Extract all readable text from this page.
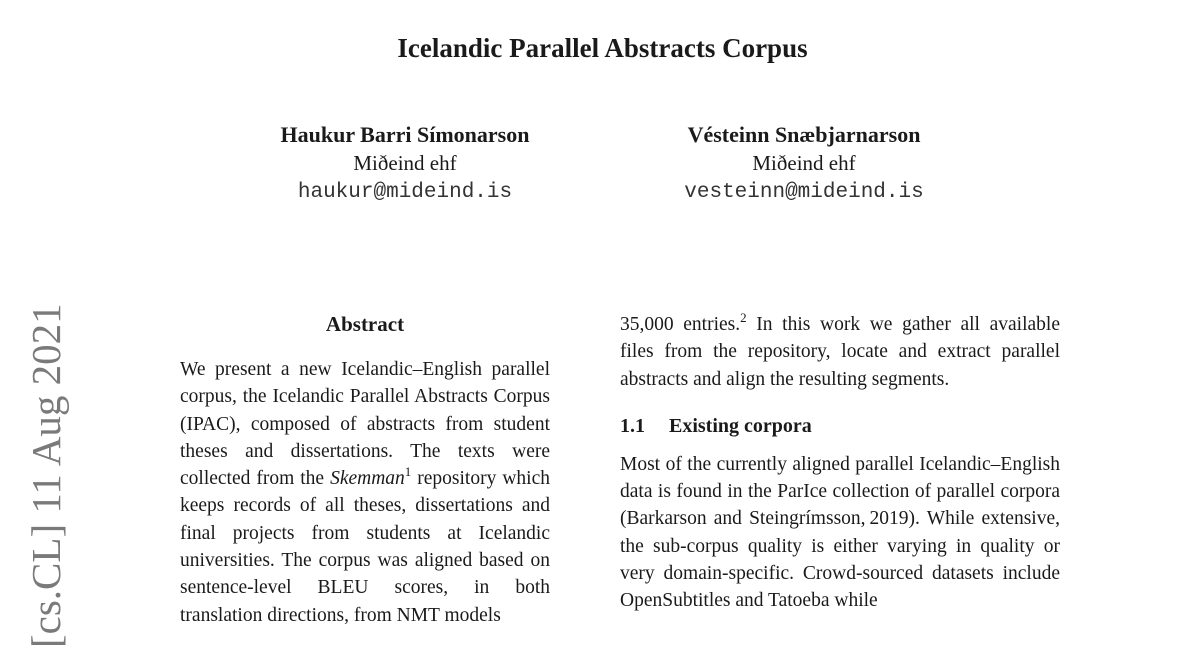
Icelandic Parallel Abstracts Corpus
Haukur Barri Símonarson
Miðeind ehf
haukur@mideind.is
Vésteinn Snæbjarnarson
Miðeind ehf
vesteinn@mideind.is
[cs.CL] 11 Aug 2021	Abstract

We present a new Icelandic–English parallel corpus, the Icelandic Parallel Abstracts Corpus (IPAC), composed of abstracts from student theses and dissertations. The texts were collected from the Skemman$^1$ repository which keeps records of all theses, dissertations and final projects from students at Icelandic universities. The corpus was aligned based on sentence-level BLEU scores, in both translation directions, from NMT models

35,000 entries.$^2$ In this work we gather all available files from the repository, locate and extract parallel abstracts and align the resulting segments.

1.1 Existing corpora

Most of the currently aligned parallel Icelandic–English data is found in the ParIce collection of parallel corpora (Barkarson and Steingrímsson, 2019). While extensive, the sub-corpus quality is either varying in quality or very domain-specific. Crowd-sourced datasets include OpenSubtitles and Tatoeba while
